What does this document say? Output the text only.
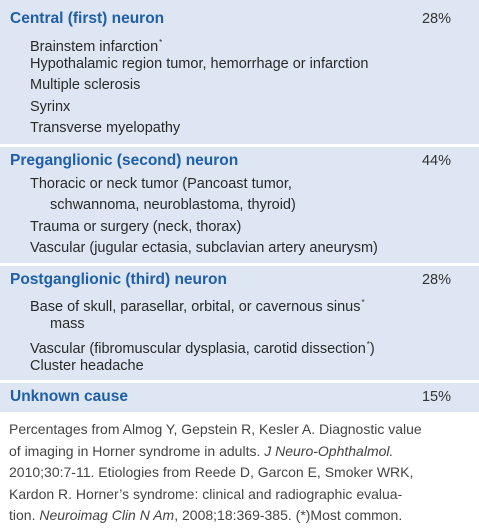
Central (first) neuron	28%
Brainstem infarction*
Hypothalamic region tumor, hemorrhage or infarction
Multiple sclerosis
Syrinx
Transverse myelopathy
Preganglionic (second) neuron	44%
Thoracic or neck tumor (Pancoast tumor,
schwannoma, neuroblastoma, thyroid)
Trauma or surgery (neck, thorax)
Vascular (jugular ectasia, subclavian artery aneurysm)
Postganglionic (third) neuron	28%
Base of skull, parasellar, orbital, or cavernous sinus*
mass
Vascular (fibromuscular dysplasia, carotid dissection*)
Cluster headache
Unknown cause	15%
Percentages from Almog Y, Gepstein R, Kesler A. Diagnostic value
of imaging in Horner syndrome in adults. J Neuro-Ophthalmol.
2010;30:7-11. Etiologies from Reede D, Garcon E, Smoker WRK,
Kardon R. Horner’s syndrome: clinical and radiographic evalua-
tion. Neuroimag Clin N Am, 2008;18:369-385. (*)Most common.
